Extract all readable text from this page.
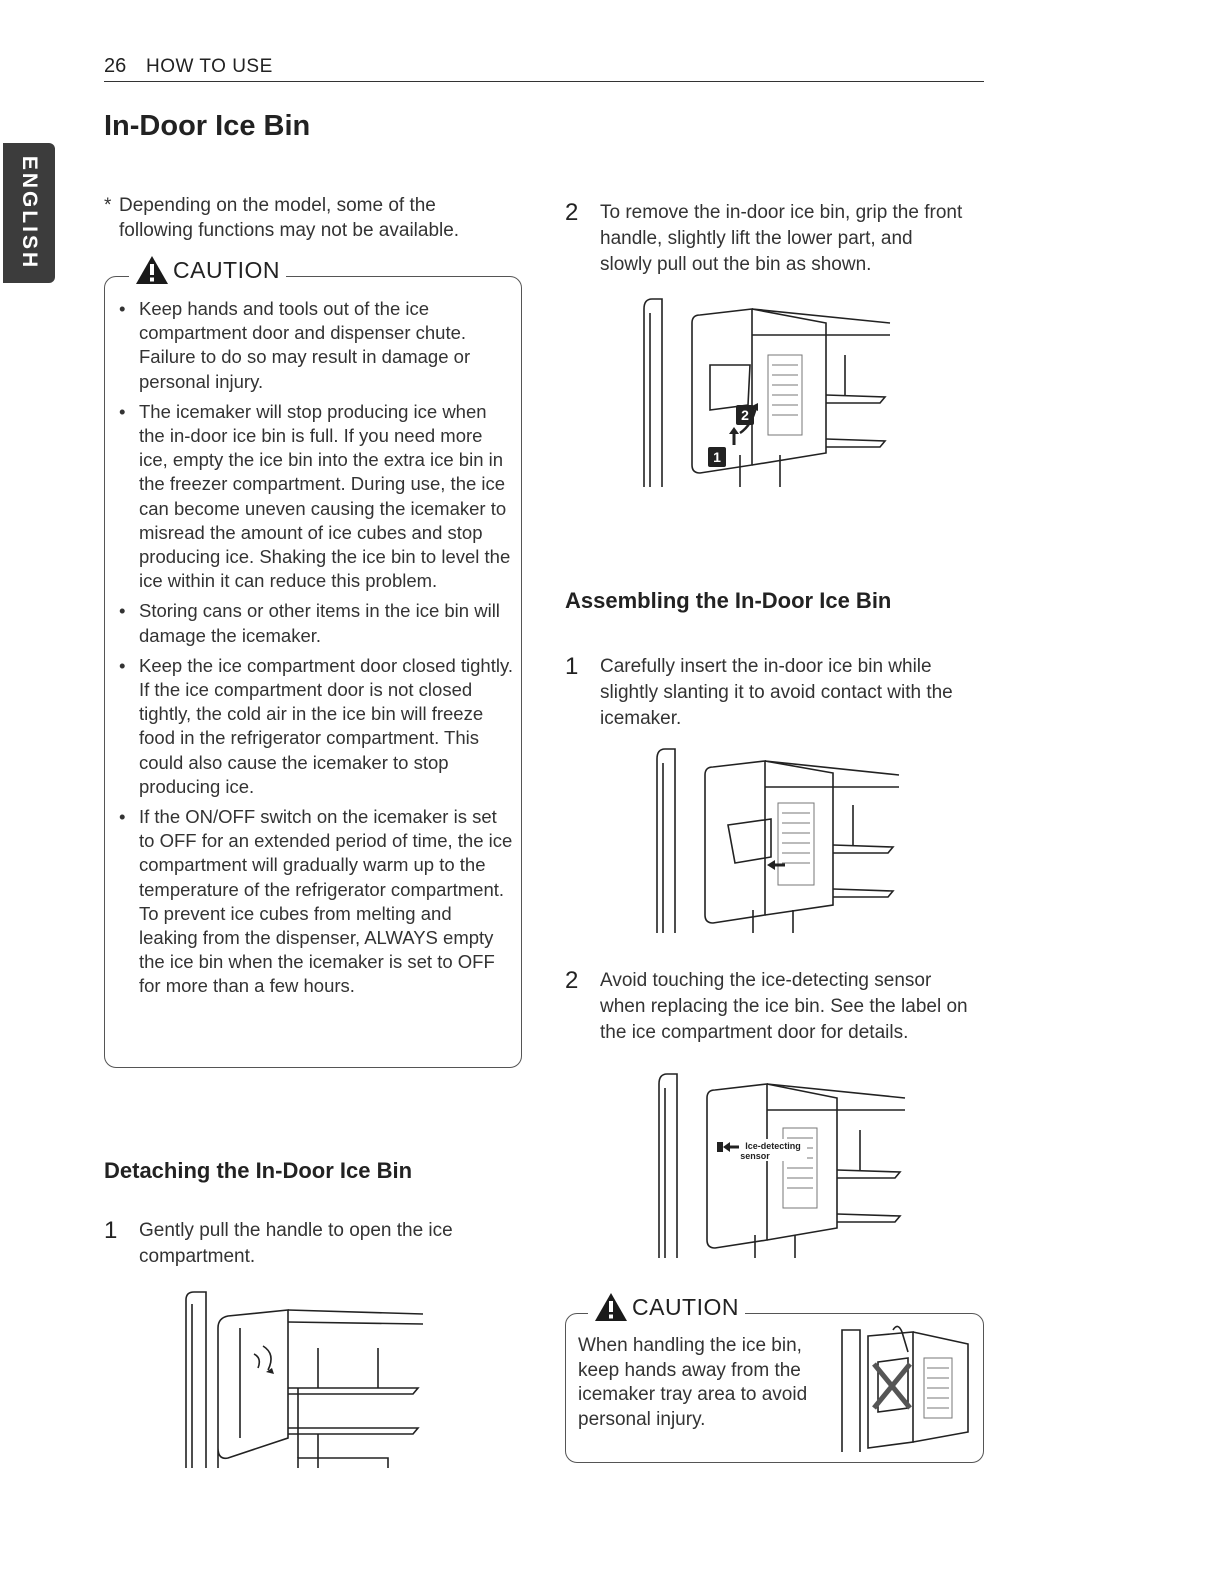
26 HOW TO USE
ENGLISH
In-Door Ice Bin
* Depending on the model, some of the following functions may not be available.
CAUTION
• Keep hands and tools out of the ice compartment door and dispenser chute. Failure to do so may result in damage or personal injury.
• The icemaker will stop producing ice when the in-door ice bin is full. If you need more ice, empty the ice bin into the extra ice bin in the freezer compartment. During use, the ice can become uneven causing the icemaker to misread the amount of ice cubes and stop producing ice. Shaking the ice bin to level the ice within it can reduce this problem.
• Storing cans or other items in the ice bin will damage the icemaker.
• Keep the ice compartment door closed tightly. If the ice compartment door is not closed tightly, the cold air in the ice bin will freeze food in the refrigerator compartment. This could also cause the icemaker to stop producing ice.
• If the ON/OFF switch on the icemaker is set to OFF for an extended period of time, the ice compartment will gradually warm up to the temperature of the refrigerator compartment. To prevent ice cubes from melting and leaking from the dispenser, ALWAYS empty the ice bin when the icemaker is set to OFF for more than a few hours.
Detaching the In-Door Ice Bin
1	Gently pull the handle to open the ice compartment.
2	To remove the in-door ice bin, grip the front handle, slightly lift the lower part, and slowly pull out the bin as shown.
1
2
Assembling the In-Door Ice Bin
1	Carefully insert the in-door ice bin while slightly slanting it to avoid contact with the icemaker.
2	Avoid touching the ice-detecting sensor when replacing the ice bin. See the label on the ice compartment door for details.
Ice-detecting
sensor
CAUTION
When handling the ice bin, keep hands away from the icemaker tray area to avoid personal injury.
